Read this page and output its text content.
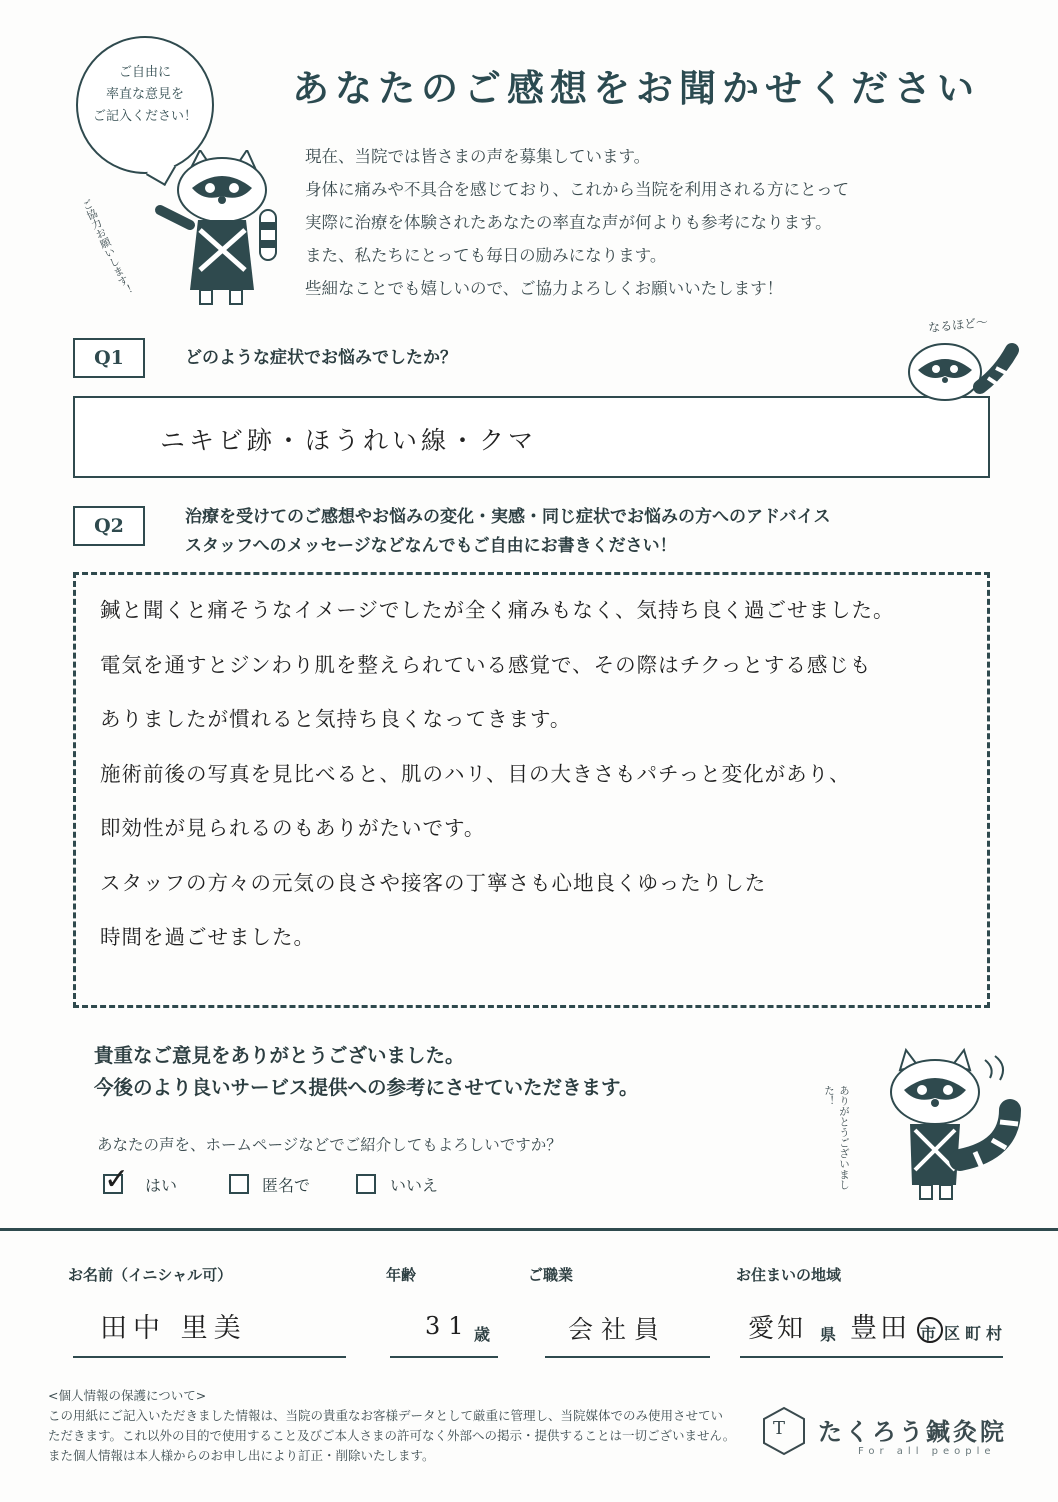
ご自由に
率直な意見を
ご記入ください！
ご協力お願いします！
あなたのご感想をお聞かせください
現在、当院では皆さまの声を募集しています。
身体に痛みや不具合を感じており、これから当院を利用される方にとって
実際に治療を体験されたあなたの率直な声が何よりも参考になります。
また、私たちにとっても毎日の励みになります。
些細なことでも嬉しいので、ご協力よろしくお願いいたします！
Q1	どのような症状でお悩みでしたか？
なるほど〜
ニキビ跡・ほうれい線・クマ
Q2	治療を受けてのご感想やお悩みの変化・実感・同じ症状でお悩みの方へのアドバイス
スタッフへのメッセージなどなんでもご自由にお書きください！
鍼と聞くと痛そうなイメージでしたが全く痛みもなく、気持ち良く過ごせました。
電気を通すとジンわり肌を整えられている感覚で、その際はチクっとする感じも
ありましたが慣れると気持ち良くなってきます。
施術前後の写真を見比べると、肌のハリ、目の大きさもパチっと変化があり、
即効性が見られるのもありがたいです。
スタッフの方々の元気の良さや接客の丁寧さも心地良くゆったりした
時間を過ごせました。
貴重なご意見をありがとうございました。
今後のより良いサービス提供への参考にさせていただきます。	ありがとうございました！
あなたの声を、ホームページなどでご紹介してもよろしいですか？
✓ はい	匿名で	いいえ
お名前（イニシャル可）
田中 里美
年齢
31 歳
ご職業
会社員
お住まいの地域
愛知 県 豊田 市 区 町 村
<個人情報の保護について>
この用紙にご記入いただきました情報は、当院の貴重なお客様データとして厳重に管理し、当院媒体でのみ使用させてい
ただきます。これ以外の目的で使用すること及びご本人さまの許可なく外部への掲示・提供することは一切ございません。
また個人情報は本人様からのお申し出により訂正・削除いたします。
T たくろう鍼灸院
For all people
